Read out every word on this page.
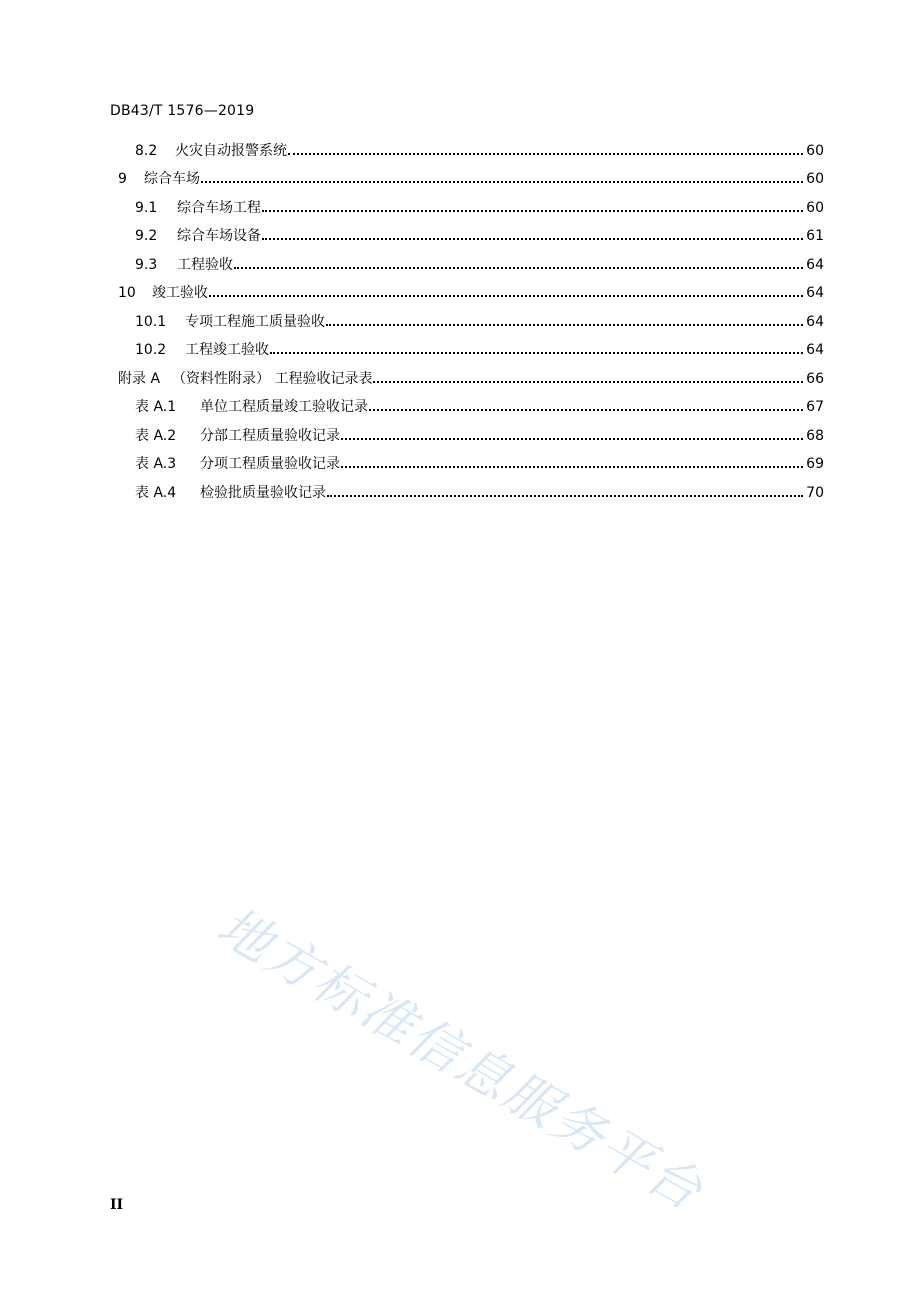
DB43/T 1576—2019
8.2	火灾自动报警系统	60
9	综合车场	60
9.1	综合车场工程	60
9.2	综合车场设备	61
9.3	工程验收	64
10	竣工验收	64
10.1	专项工程施工质量验收	64
10.2	工程竣工验收	64
附录 A （资料性附录） 工程验收记录表	66
表 A.1	单位工程质量竣工验收记录	67
表 A.2	分部工程质量验收记录	68
表 A.3	分项工程质量验收记录	69
表 A.4	检验批质量验收记录	70
地方标准信息服务平台
II
